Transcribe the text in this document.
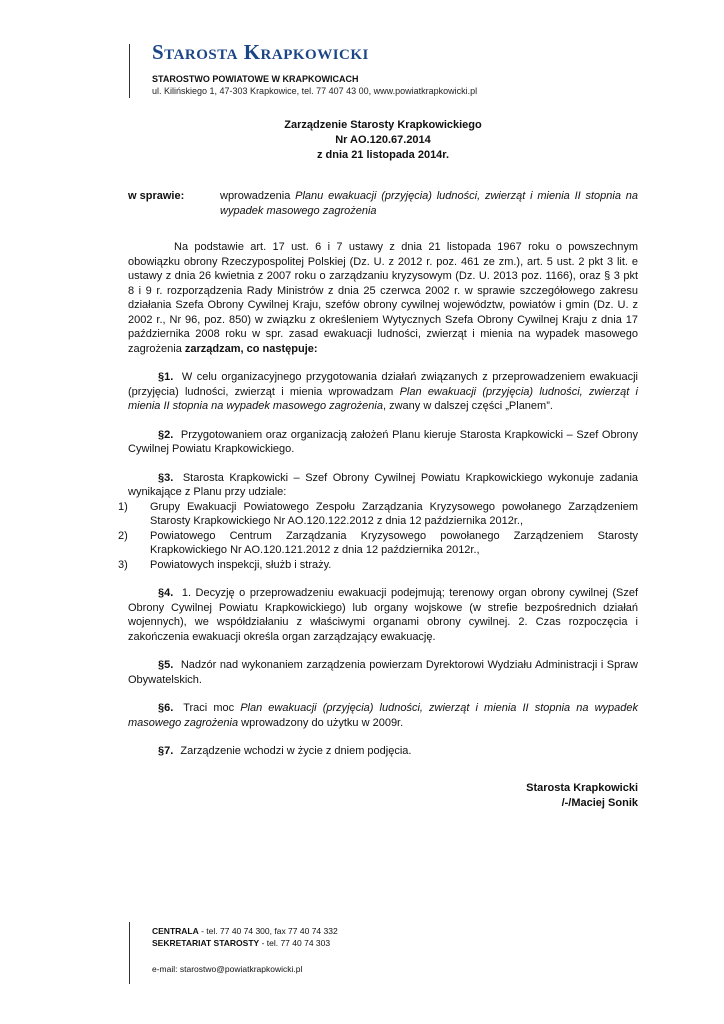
Starosta Krapkowicki
STAROSTWO POWIATOWE W KRAPKOWICACH
ul. Kilińskiego 1, 47-303 Krapkowice, tel. 77 407 43 00, www.powiatkrapkowicki.pl
Zarządzenie Starosty Krapkowickiego
Nr AO.120.67.2014
z dnia 21 listopada 2014r.
w sprawie:	wprowadzenia Planu ewakuacji (przyjęcia) ludności, zwierząt i mienia II stopnia na wypadek masowego zagrożenia

Na podstawie art. 17 ust. 6 i 7 ustawy z dnia 21 listopada 1967 roku o powszechnym obowiązku obrony Rzeczypospolitej Polskiej (Dz. U. z 2012 r. poz. 461 ze zm.), art. 5 ust. 2 pkt 3 lit. e ustawy z dnia 26 kwietnia z 2007 roku o zarządzaniu kryzysowym (Dz. U. 2013 poz. 1166), oraz § 3 pkt 8 i 9 r. rozporządzenia Rady Ministrów z dnia 25 czerwca 2002 r. w sprawie szczegółowego zakresu działania Szefa Obrony Cywilnej Kraju, szefów obrony cywilnej województw, powiatów i gmin (Dz. U. z 2002 r., Nr 96, poz. 850) w związku z określeniem Wytycznych Szefa Obrony Cywilnej Kraju z dnia 17 października 2008 roku w spr. zasad ewakuacji ludności, zwierząt i mienia na wypadek masowego zagrożenia zarządzam, co następuje:

§1. W celu organizacyjnego przygotowania działań związanych z przeprowadzeniem ewakuacji (przyjęcia) ludności, zwierząt i mienia wprowadzam Plan ewakuacji (przyjęcia) ludności, zwierząt i mienia II stopnia na wypadek masowego zagrożenia, zwany w dalszej części „Planem”.

§2. Przygotowaniem oraz organizacją założeń Planu kieruje Starosta Krapkowicki – Szef Obrony Cywilnej Powiatu Krapkowickiego.

§3. Starosta Krapkowicki – Szef Obrony Cywilnej Powiatu Krapkowickiego wykonuje zadania wynikające z Planu przy udziale:

1)	Grupy Ewakuacji Powiatowego Zespołu Zarządzania Kryzysowego powołanego Zarządzeniem Starosty Krapkowickiego Nr AO.120.122.2012 z dnia 12 października 2012r.,
2)	Powiatowego Centrum Zarządzania Kryzysowego powołanego Zarządzeniem Starosty Krapkowickiego Nr AO.120.121.2012 z dnia 12 października 2012r.,
3)	Powiatowych inspekcji, służb i straży.

§4. 1. Decyzję o przeprowadzeniu ewakuacji podejmują; terenowy organ obrony cywilnej (Szef Obrony Cywilnej Powiatu Krapkowickiego) lub organy wojskowe (w strefie bezpośrednich działań wojennych), we współdziałaniu z właściwymi organami obrony cywilnej. 2. Czas rozpoczęcia i zakończenia ewakuacji określa organ zarządzający ewakuację.

§5. Nadzór nad wykonaniem zarządzenia powierzam Dyrektorowi Wydziału Administracji i Spraw Obywatelskich.

§6. Traci moc Plan ewakuacji (przyjęcia) ludności, zwierząt i mienia II stopnia na wypadek masowego zagrożenia wprowadzony do użytku w 2009r.

§7. Zarządzenie wchodzi w życie z dniem podjęcia.

Starosta Krapkowicki
/-/Maciej Sonik
CENTRALA - tel. 77 40 74 300, fax 77 40 74 332
SEKRETARIAT STAROSTY - tel. 77 40 74 303
e-mail: starostwo@powiatkrapkowicki.pl
